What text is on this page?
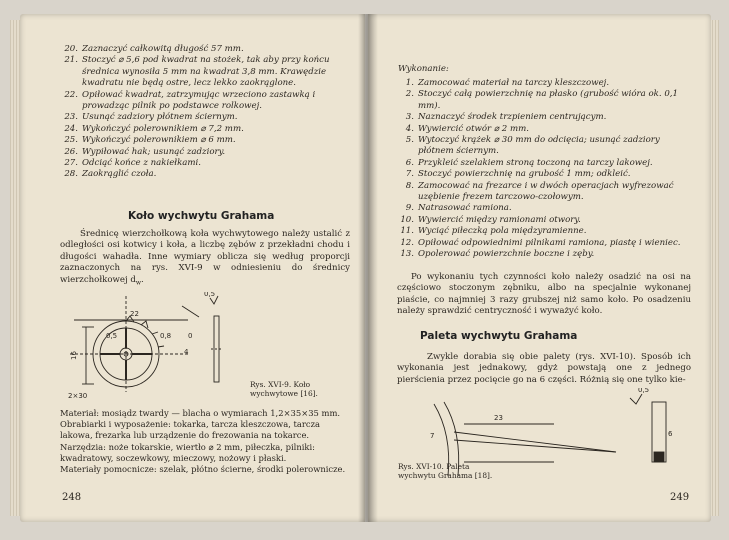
20. Zaznaczyć całkowitą długość 57 mm.
21. Stoczyć ⌀ 5,6 pod kwadrat na stożek, tak aby przy końcu średnica wynosiła 5 mm na kwadrat 3,8 mm. Krawędzie kwadratu nie będą ostre, lecz lekko zaokrąglone.
22. Opiłować kwadrat, zatrzymując wrzeciono zastawką i prowadząc pilnik po podstawce rolkowej.
23. Usunąć zadziory płótnem ściernym.
24. Wykończyć polerownikiem ⌀ 7,2 mm.
25. Wykończyć polerownikiem ⌀ 6 mm.
26. Wypiłować hak; usunąć zadziory.
27. Odciąć końce z nakiełkami.
28. Zaokrąglić czoła.
Koło wychwytu Grahama

Średnicę wierzchołkową koła wychwytowego należy ustalić z odległości osi kotwicy i koła, a liczbę zębów z przekładni chodu i długości wahadła. Inne wymiary oblicza się według proporcji zaznaczonych na rys. XVI-9 w odniesieniu do średnicy wierzchołkowej $d_w$.

22
0,5	0,8
4
16
0
2×30
0,5

Rys. XVI-9. Koło wychwytowe [16].

Materiał: mosiądz twardy — blacha o wymiarach 1,2×35×35 mm.

Obrabiarki i wyposażenie: tokarka, tarcza kleszczowa, tarcza lakowa, frezarka lub urządzenie do frezowania na tokarce.

Narzędzia: noże tokarskie, wiertło ⌀ 2 mm, piłeczka, pilniki: kwadratowy, soczewkowy, mieczowy, nożowy i płaski.

Materiały pomocnicze: szelak, płótno ścierne, środki polerownicze.

248
Wykonanie:
1. Zamocować materiał na tarczy kleszczowej.
2. Stoczyć całą powierzchnię na płasko (grubość wióra ok. 0,1 mm).
3. Naznaczyć środek trzpieniem centrującym.
4. Wywiercić otwór ⌀ 2 mm.
5. Wytoczyć krążek ⌀ 30 mm do odcięcia; usunąć zadziory płótnem ściernym.
6. Przykleić szelakiem stroną toczoną na tarczy lakowej.
7. Stoczyć powierzchnię na grubość 1 mm; odkleić.
8. Zamocować na frezarce i w dwóch operacjach wyfrezować uzębienie frezem tarczowo-czołowym.
9. Natrasować ramiona.
10. Wywiercić między ramionami otwory.
11. Wyciąć piłeczką pola międzyramienne.
12. Opiłować odpowiednimi pilnikami ramiona, piastę i wieniec.
13. Opolerować powierzchnie boczne i zęby.

Po wykonaniu tych czynności koło należy osadzić na osi na częściowo stoczonym zębniku, albo na specjalnie wykonanej piaście, co najmniej 3 razy grubszej niż samo koło. Po osadzeniu należy sprawdzić centryczność i wyważyć koło.

Paleta wychwytu Grahama

Zwykle dorabia się obie palety (rys. XVI-10). Sposób ich wykonania jest jednakowy, gdyż powstają one z jednego pierścienia przez pocięcie go na 6 części. Różnią się one tylko kie-

23
7	6
0,5

Rys. XVI-10. Paleta wychwytu Grahama [18].

249
